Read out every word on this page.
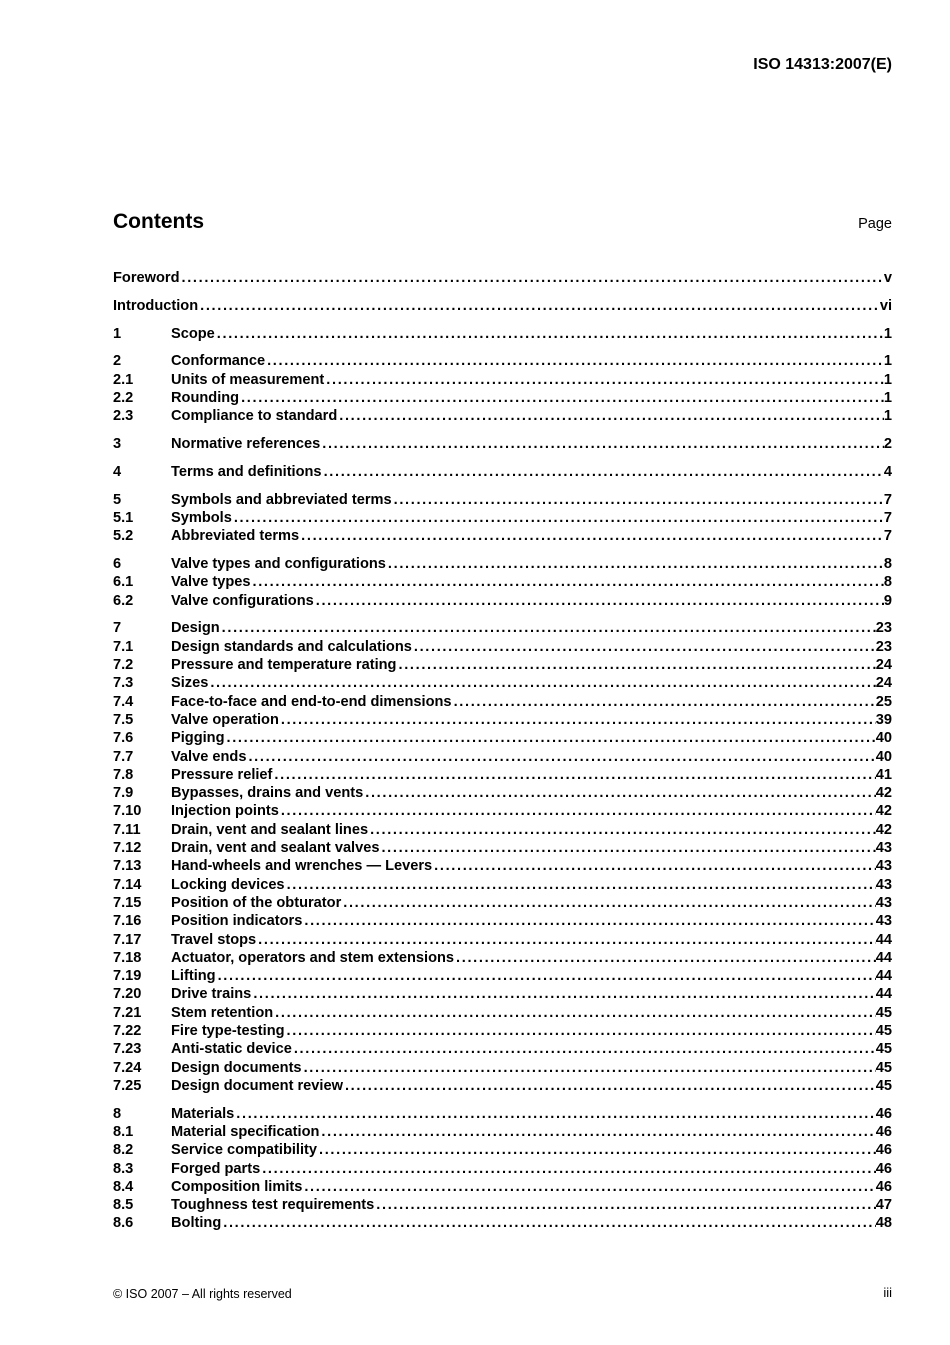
ISO 14313:2007(E)
Contents	Page
Foreword . . .	v
Introduction . . .	vi
1	Scope . . .	1
2	Conformance . . .	1
2.1	Units of measurement . . .	1
2.2	Rounding . . .	1
2.3	Compliance to standard . . .	1
3	Normative references . . .	2
4	Terms and definitions . . .	4
5	Symbols and abbreviated terms . . .	7
5.1	Symbols . . .	7
5.2	Abbreviated terms . . .	7
6	Valve types and configurations . . .	8
6.1	Valve types . . .	8
6.2	Valve configurations . . .	9
7	Design . . .	23
7.1	Design standards and calculations . . .	23
7.2	Pressure and temperature rating . . .	24
7.3	Sizes . . .	24
7.4	Face-to-face and end-to-end dimensions . . .	25
7.5	Valve operation . . .	39
7.6	Pigging . . .	40
7.7	Valve ends . . .	40
7.8	Pressure relief . . .	41
7.9	Bypasses, drains and vents . . .	42
7.10	Injection points . . .	42
7.11	Drain, vent and sealant lines . . .	42
7.12	Drain, vent and sealant valves . . .	43
7.13	Hand-wheels and wrenches — Levers . . .	43
7.14	Locking devices . . .	43
7.15	Position of the obturator . . .	43
7.16	Position indicators . . .	43
7.17	Travel stops . . .	44
7.18	Actuator, operators and stem extensions . . .	44
7.19	Lifting . . .	44
7.20	Drive trains . . .	44
7.21	Stem retention . . .	45
7.22	Fire type-testing . . .	45
7.23	Anti-static device . . .	45
7.24	Design documents . . .	45
7.25	Design document review . . .	45
8	Materials . . .	46
8.1	Material specification . . .	46
8.2	Service compatibility . . .	46
8.3	Forged parts . . .	46
8.4	Composition limits . . .	46
8.5	Toughness test requirements . . .	47
8.6	Bolting . . .	48
© ISO 2007 – All rights reserved	iii
